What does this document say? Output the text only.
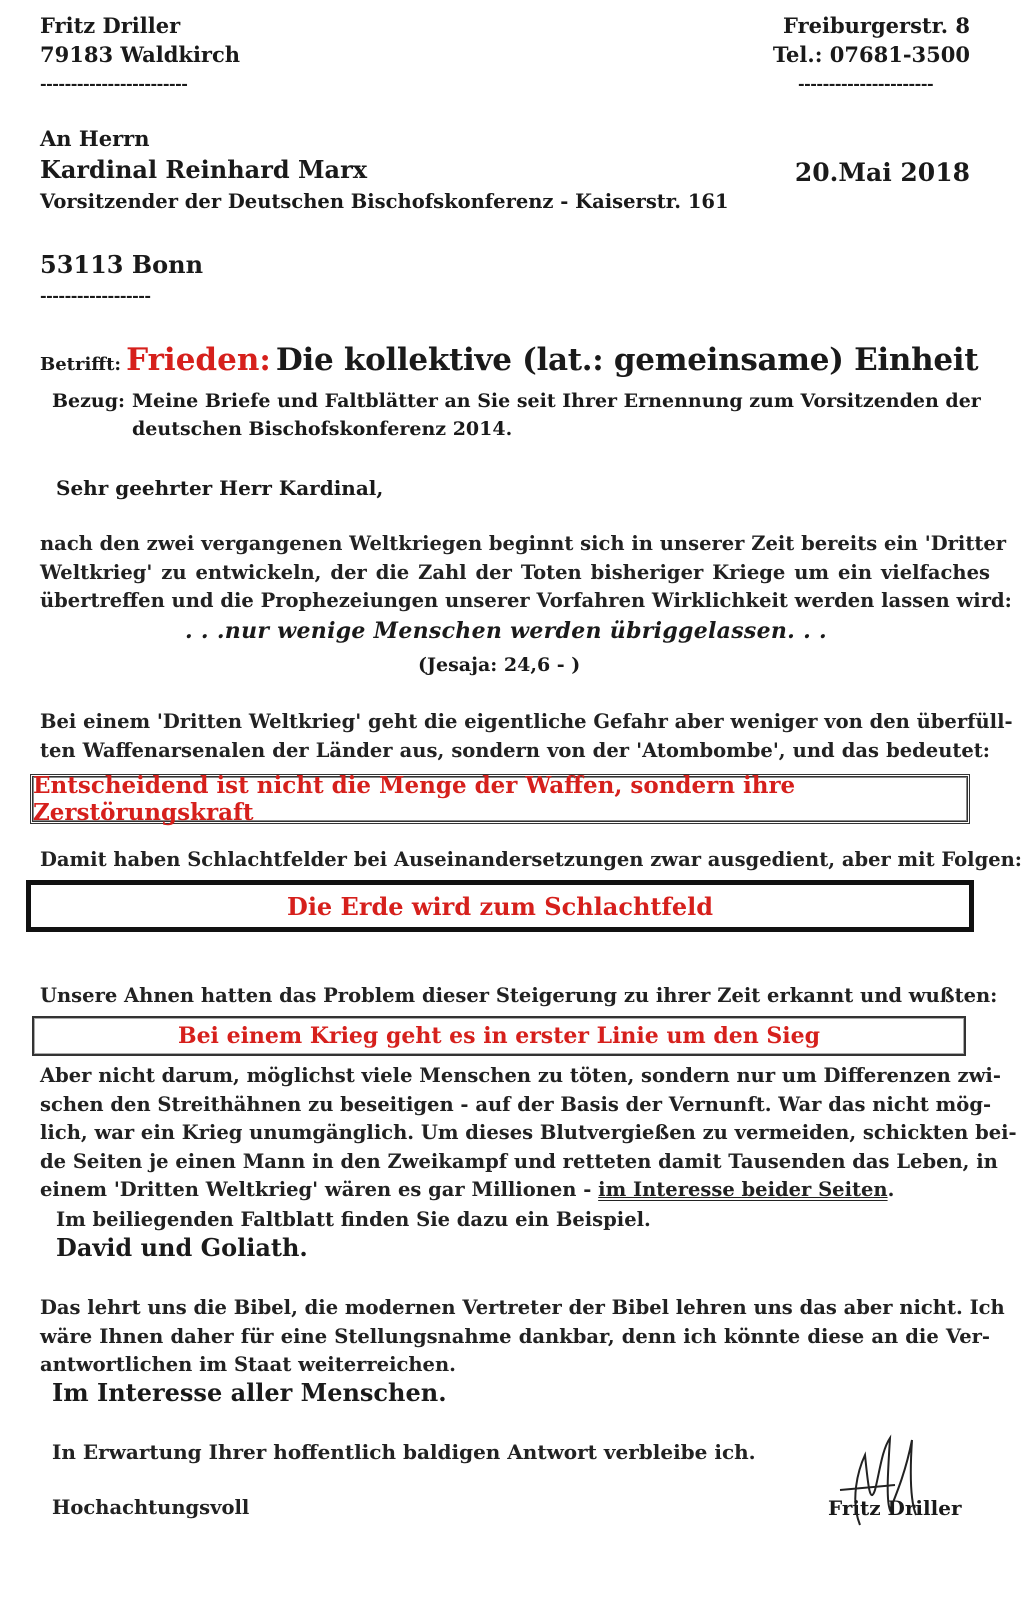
Fritz Driller
79183 Waldkirch
------------------------
Freiburgerstr. 8
Tel.: 07681-3500
----------------------
An Herrn
Kardinal Reinhard Marx
Vorsitzender der Deutschen Bischofskonferenz - Kaiserstr. 161
53113 Bonn
------------------
20.Mai 2018
Betrifft: Frieden: Die kollektive (lat.: gemeinsame) Einheit
Bezug: Meine Briefe und Faltblätter an Sie seit Ihrer Ernennung zum Vorsitzenden der
deutschen Bischofskonferenz 2014.
Sehr geehrter Herr Kardinal,
nach den zwei vergangenen Weltkriegen beginnt sich in unserer Zeit bereits ein 'Dritter
Weltkrieg' zu entwickeln, der die Zahl der Toten bisheriger Kriege um ein vielfaches
übertreffen und die Prophezeiungen unserer Vorfahren Wirklichkeit werden lassen wird:
. . .nur wenige Menschen werden übriggelassen. . .
(Jesaja: 24,6 - )
Bei einem 'Dritten Weltkrieg' geht die eigentliche Gefahr aber weniger von den überfüll-
ten Waffenarsenalen der Länder aus, sondern von der 'Atombombe', und das bedeutet:
Entscheidend ist nicht die Menge der Waffen, sondern ihre Zerstörungskraft
Damit haben Schlachtfelder bei Auseinandersetzungen zwar ausgedient, aber mit Folgen:
Die Erde wird zum Schlachtfeld
Unsere Ahnen hatten das Problem dieser Steigerung zu ihrer Zeit erkannt und wußten:
Bei einem Krieg geht es in erster Linie um den Sieg
Aber nicht darum, möglichst viele Menschen zu töten, sondern nur um Differenzen zwi-
schen den Streithähnen zu beseitigen - auf der Basis der Vernunft. War das nicht mög-
lich, war ein Krieg unumgänglich. Um dieses Blutvergießen zu vermeiden, schickten bei-
de Seiten je einen Mann in den Zweikampf und retteten damit Tausenden das Leben, in
einem 'Dritten Weltkrieg' wären es gar Millionen - im Interesse beider Seiten.
Im beiliegenden Faltblatt finden Sie dazu ein Beispiel.
David und Goliath.
Das lehrt uns die Bibel, die modernen Vertreter der Bibel lehren uns das aber nicht. Ich
wäre Ihnen daher für eine Stellungsnahme dankbar, denn ich könnte diese an die Ver-
antwortlichen im Staat weiterreichen.
Im Interesse aller Menschen.
In Erwartung Ihrer hoffentlich baldigen Antwort verbleibe ich.
Hochachtungsvoll	Fritz Driller
